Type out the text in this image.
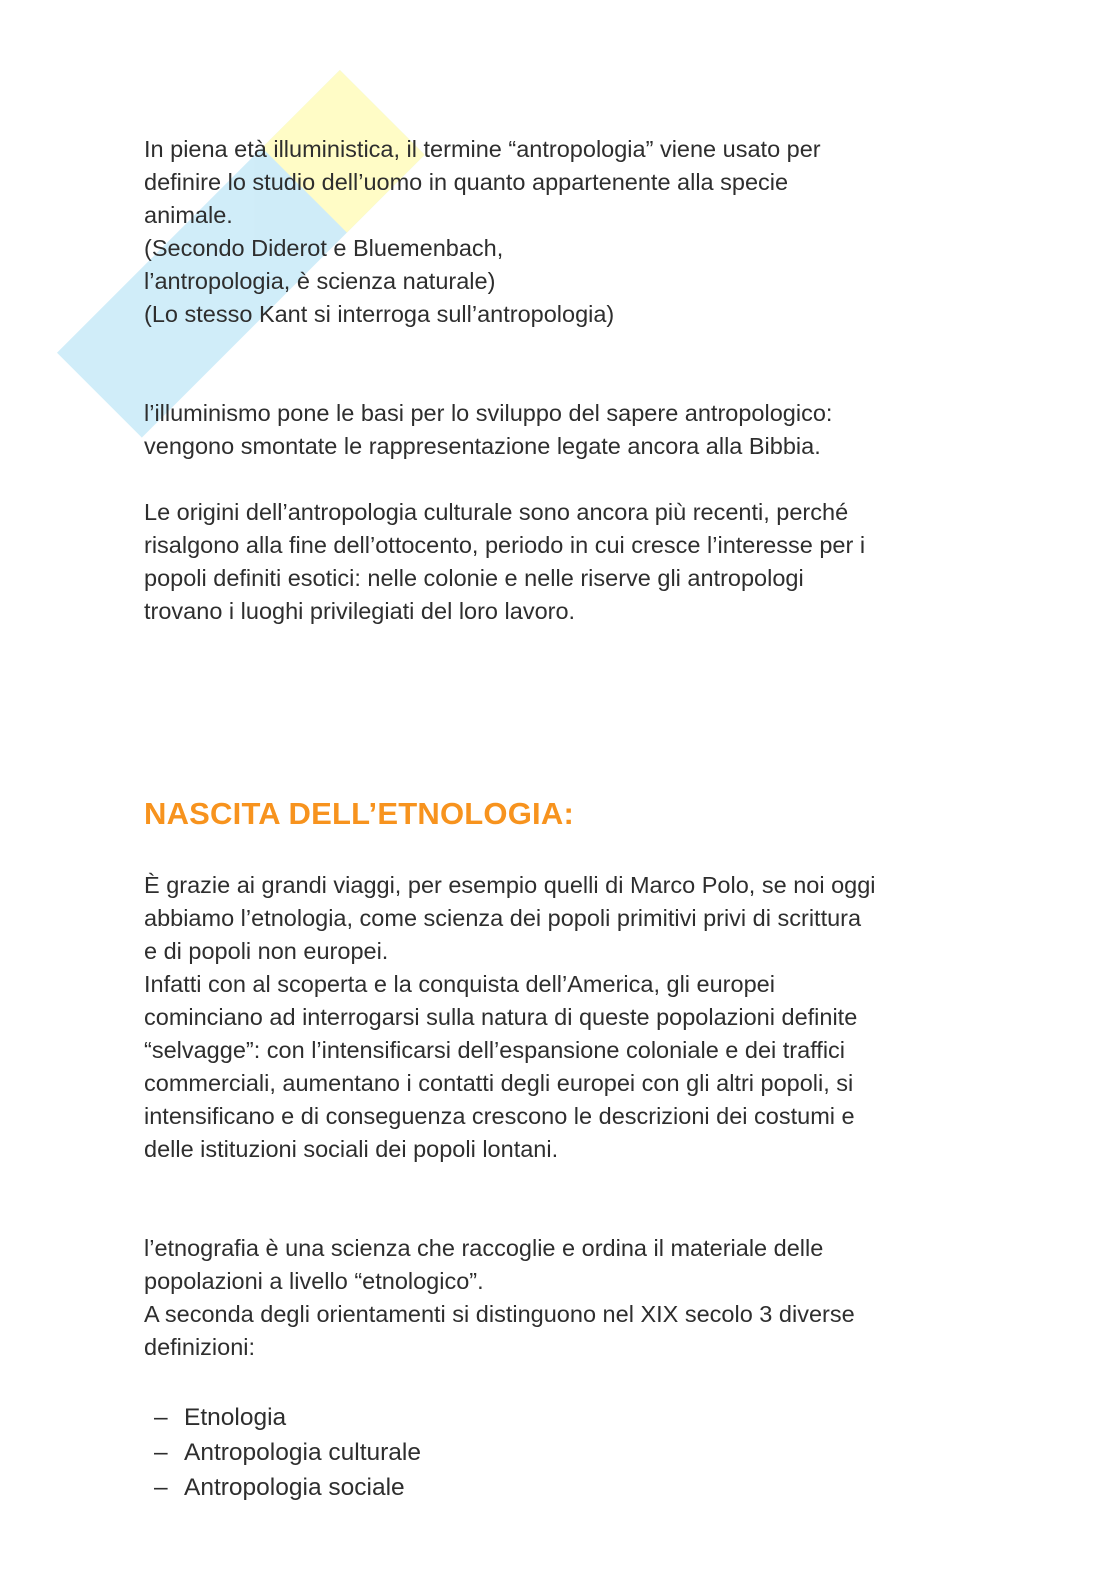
In piena età illuministica, il termine “antropologia” viene usato per
definire lo studio dell’uomo in quanto appartenente alla specie
animale.
(Secondo Diderot e Bluemenbach,
l’antropologia, è scienza naturale)
(Lo stesso Kant si interroga sull’antropologia)

l’illuminismo pone le basi per lo sviluppo del sapere antropologico:
vengono smontate le rappresentazione legate ancora alla Bibbia.

Le origini dell’antropologia culturale sono ancora più recenti, perché
risalgono alla fine dell’ottocento, periodo in cui cresce l’interesse per i
popoli definiti esotici: nelle colonie e nelle riserve gli antropologi
trovano i luoghi privilegiati del loro lavoro.

NASCITA DELL’ETNOLOGIA:

È grazie ai grandi viaggi, per esempio quelli di Marco Polo, se noi oggi
abbiamo l’etnologia, come scienza dei popoli primitivi privi di scrittura
e di popoli non europei.
Infatti con al scoperta e la conquista dell’America, gli europei
cominciano ad interrogarsi sulla natura di queste popolazioni definite
“selvagge”: con l’intensificarsi dell’espansione coloniale e dei traffici
commerciali, aumentano i contatti degli europei con gli altri popoli, si
intensificano e di conseguenza crescono le descrizioni dei costumi e
delle istituzioni sociali dei popoli lontani.

l’etnografia è una scienza che raccoglie e ordina il materiale delle
popolazioni a livello “etnologico”.
A seconda degli orientamenti si distinguono nel XIX secolo 3 diverse
definizioni:

– Etnologia
– Antropologia culturale
– Antropologia sociale
